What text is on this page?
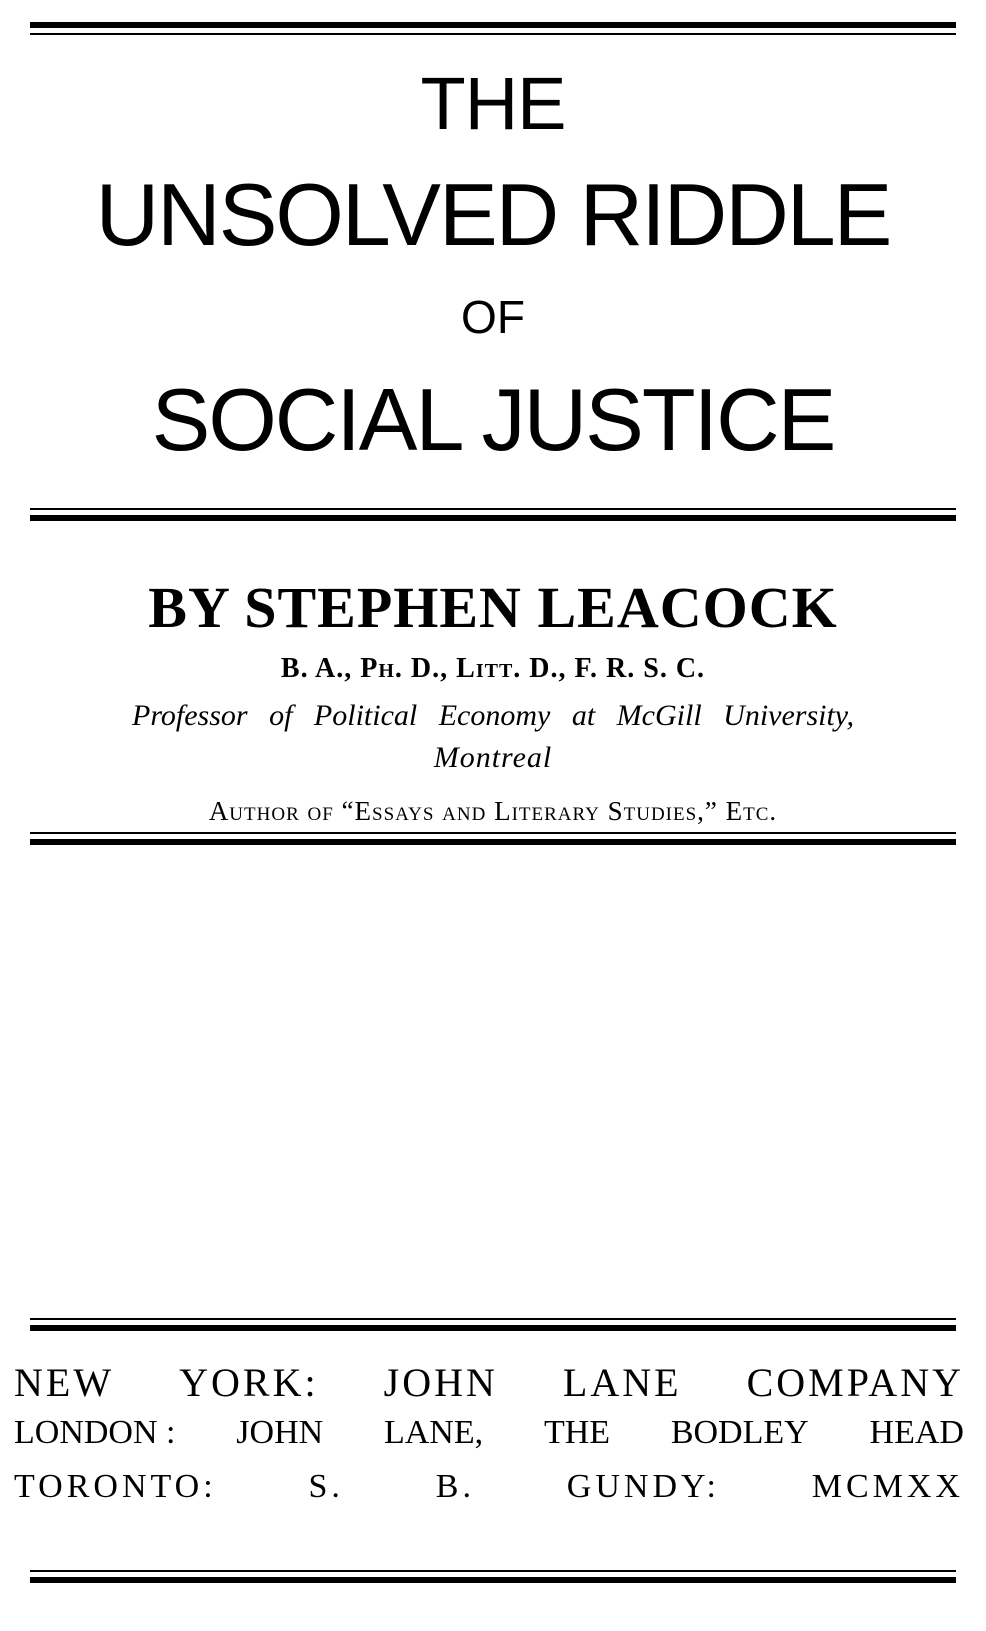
THE
UNSOLVED RIDDLE
OF
SOCIAL JUSTICE
BY STEPHEN LEACOCK
B. A., Ph. D., Litt. D., F. R. S. C.
Professor of Political Economy at McGill University,
Montreal
Author of “Essays and Literary Studies,” Etc.
NEW YORK: JOHN LANE COMPANY
LONDON : JOHN LANE, THE BODLEY HEAD
TORONTO:	S.	B.	GUNDY:	MCMXX
